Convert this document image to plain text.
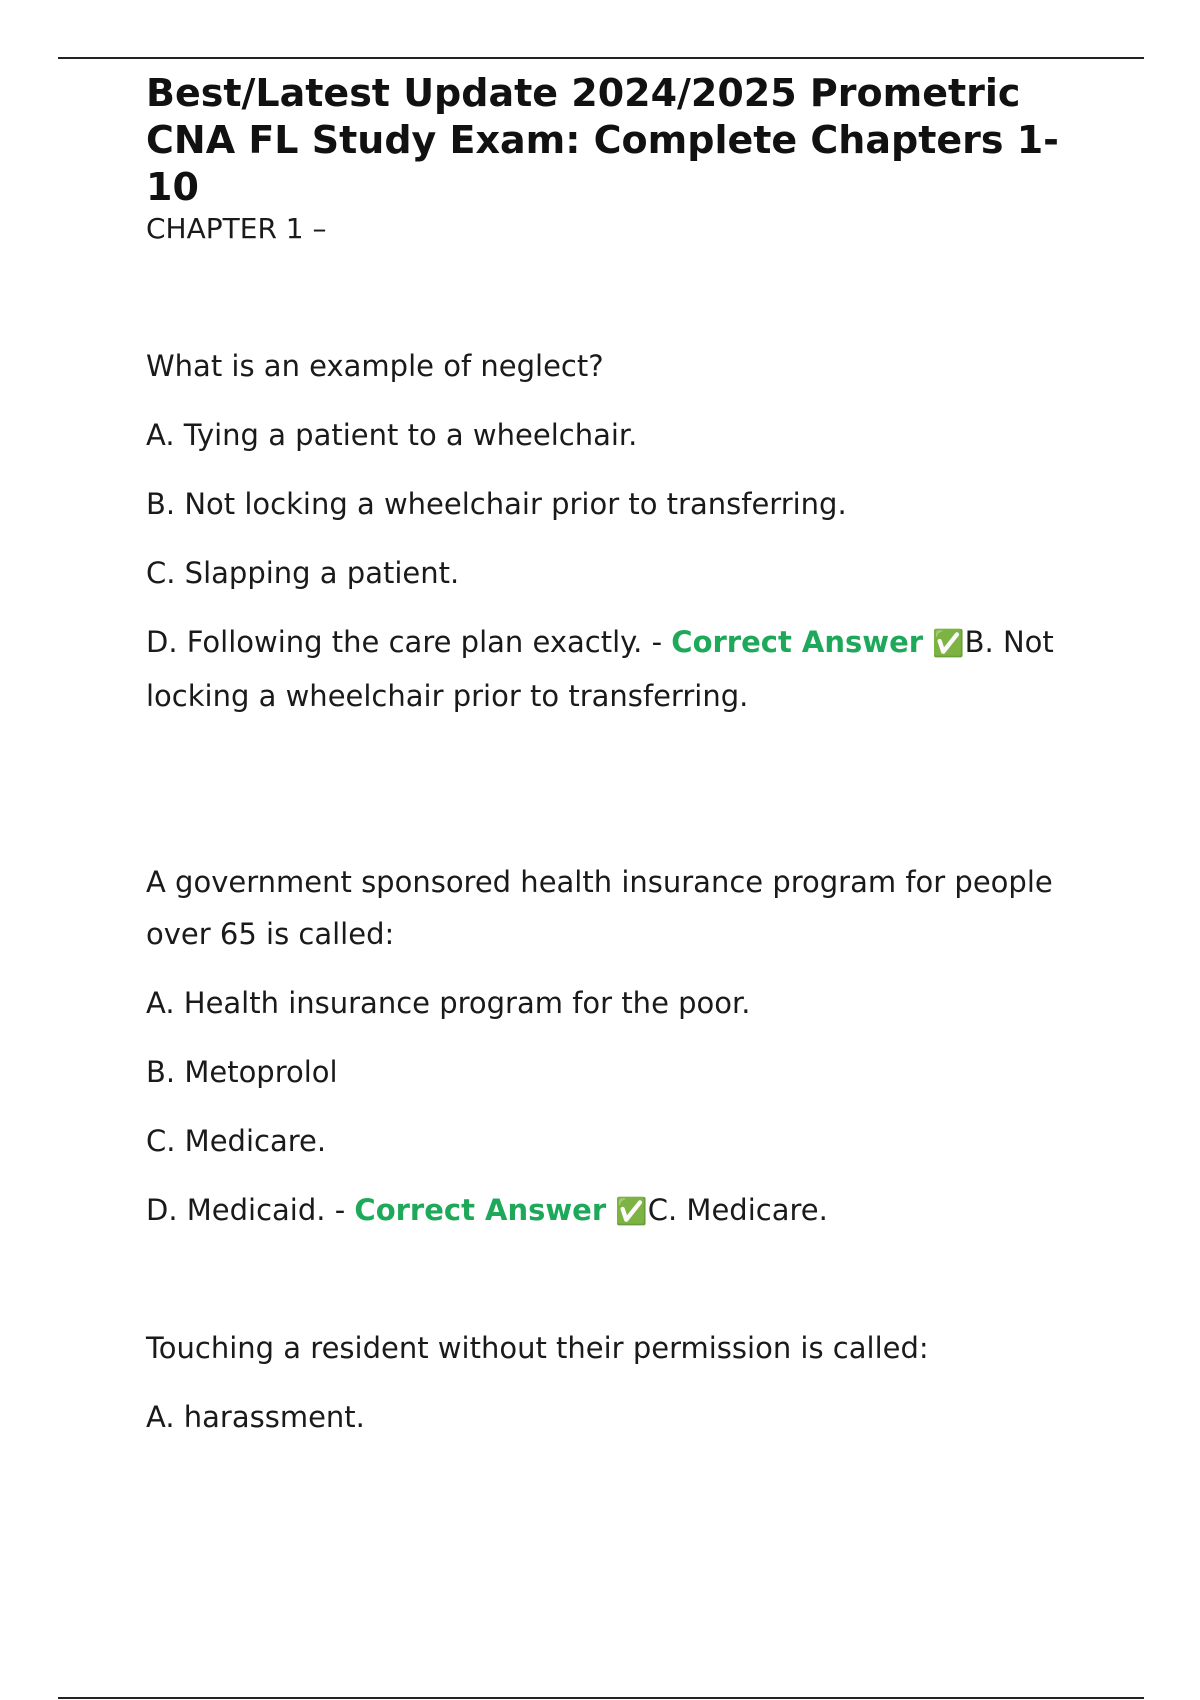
Best/Latest Update 2024/2025 Prometric CNA FL Study Exam: Complete Chapters 1-10
CHAPTER 1 –

What is an example of neglect?

A. Tying a patient to a wheelchair.

B. Not locking a wheelchair prior to transferring.

C. Slapping a patient.

D. Following the care plan exactly. - Correct Answer ✅B. Not locking a wheelchair prior to transferring.

A government sponsored health insurance program for people over 65 is called:

A. Health insurance program for the poor.

B. Metoprolol

C. Medicare.

D. Medicaid. - Correct Answer ✅C. Medicare.

Touching a resident without their permission is called:

A. harassment.
